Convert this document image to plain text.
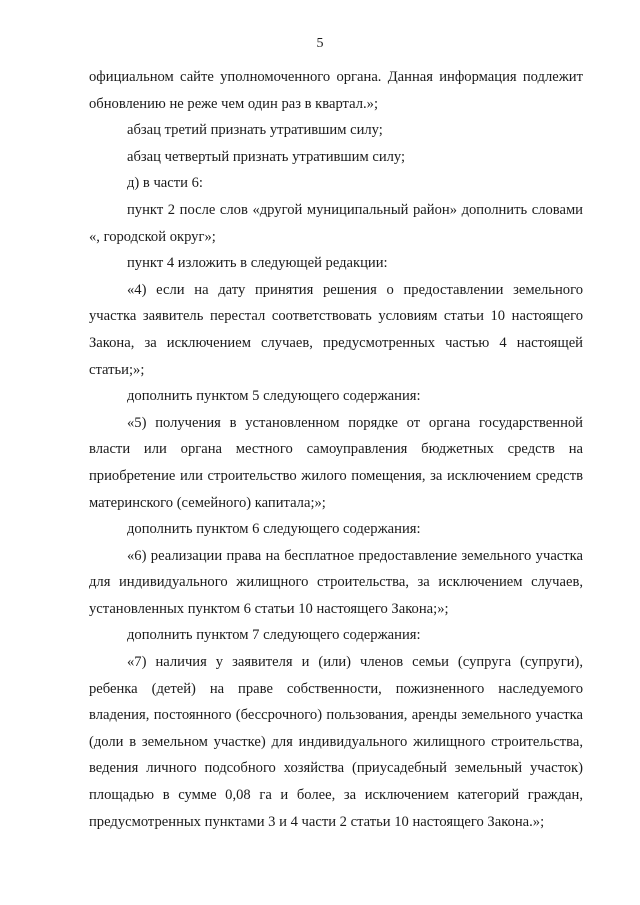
5

официальном сайте уполномоченного органа. Данная информация подлежит обновлению не реже чем один раз в квартал.»;

абзац третий признать утратившим силу;

абзац четвертый признать утратившим силу;

д) в части 6:

пункт 2 после слов «другой муниципальный район» дополнить словами «, городской округ»;

пункт 4 изложить в следующей редакции:

«4) если на дату принятия решения о предоставлении земельного участка заявитель перестал соответствовать условиям статьи 10 настоящего Закона, за исключением случаев, предусмотренных частью 4 настоящей статьи;»;

дополнить пунктом 5 следующего содержания:

«5) получения в установленном порядке от органа государственной власти или органа местного самоуправления бюджетных средств на приобретение или строительство жилого помещения, за исключением средств материнского (семейного) капитала;»;

дополнить пунктом 6 следующего содержания:

«6) реализации права на бесплатное предоставление земельного участка для индивидуального жилищного строительства, за исключением случаев, установленных пунктом 6 статьи 10 настоящего Закона;»;

дополнить пунктом 7 следующего содержания:

«7) наличия у заявителя и (или) членов семьи (супруга (супруги), ребенка (детей) на праве собственности, пожизненного наследуемого владения, постоянного (бессрочного) пользования, аренды земельного участка (доли в земельном участке) для индивидуального жилищного строительства, ведения личного подсобного хозяйства (приусадебный земельный участок) площадью в сумме 0,08 га и более, за исключением категорий граждан, предусмотренных пунктами 3 и 4 части 2 статьи 10 настоящего Закона.»;
